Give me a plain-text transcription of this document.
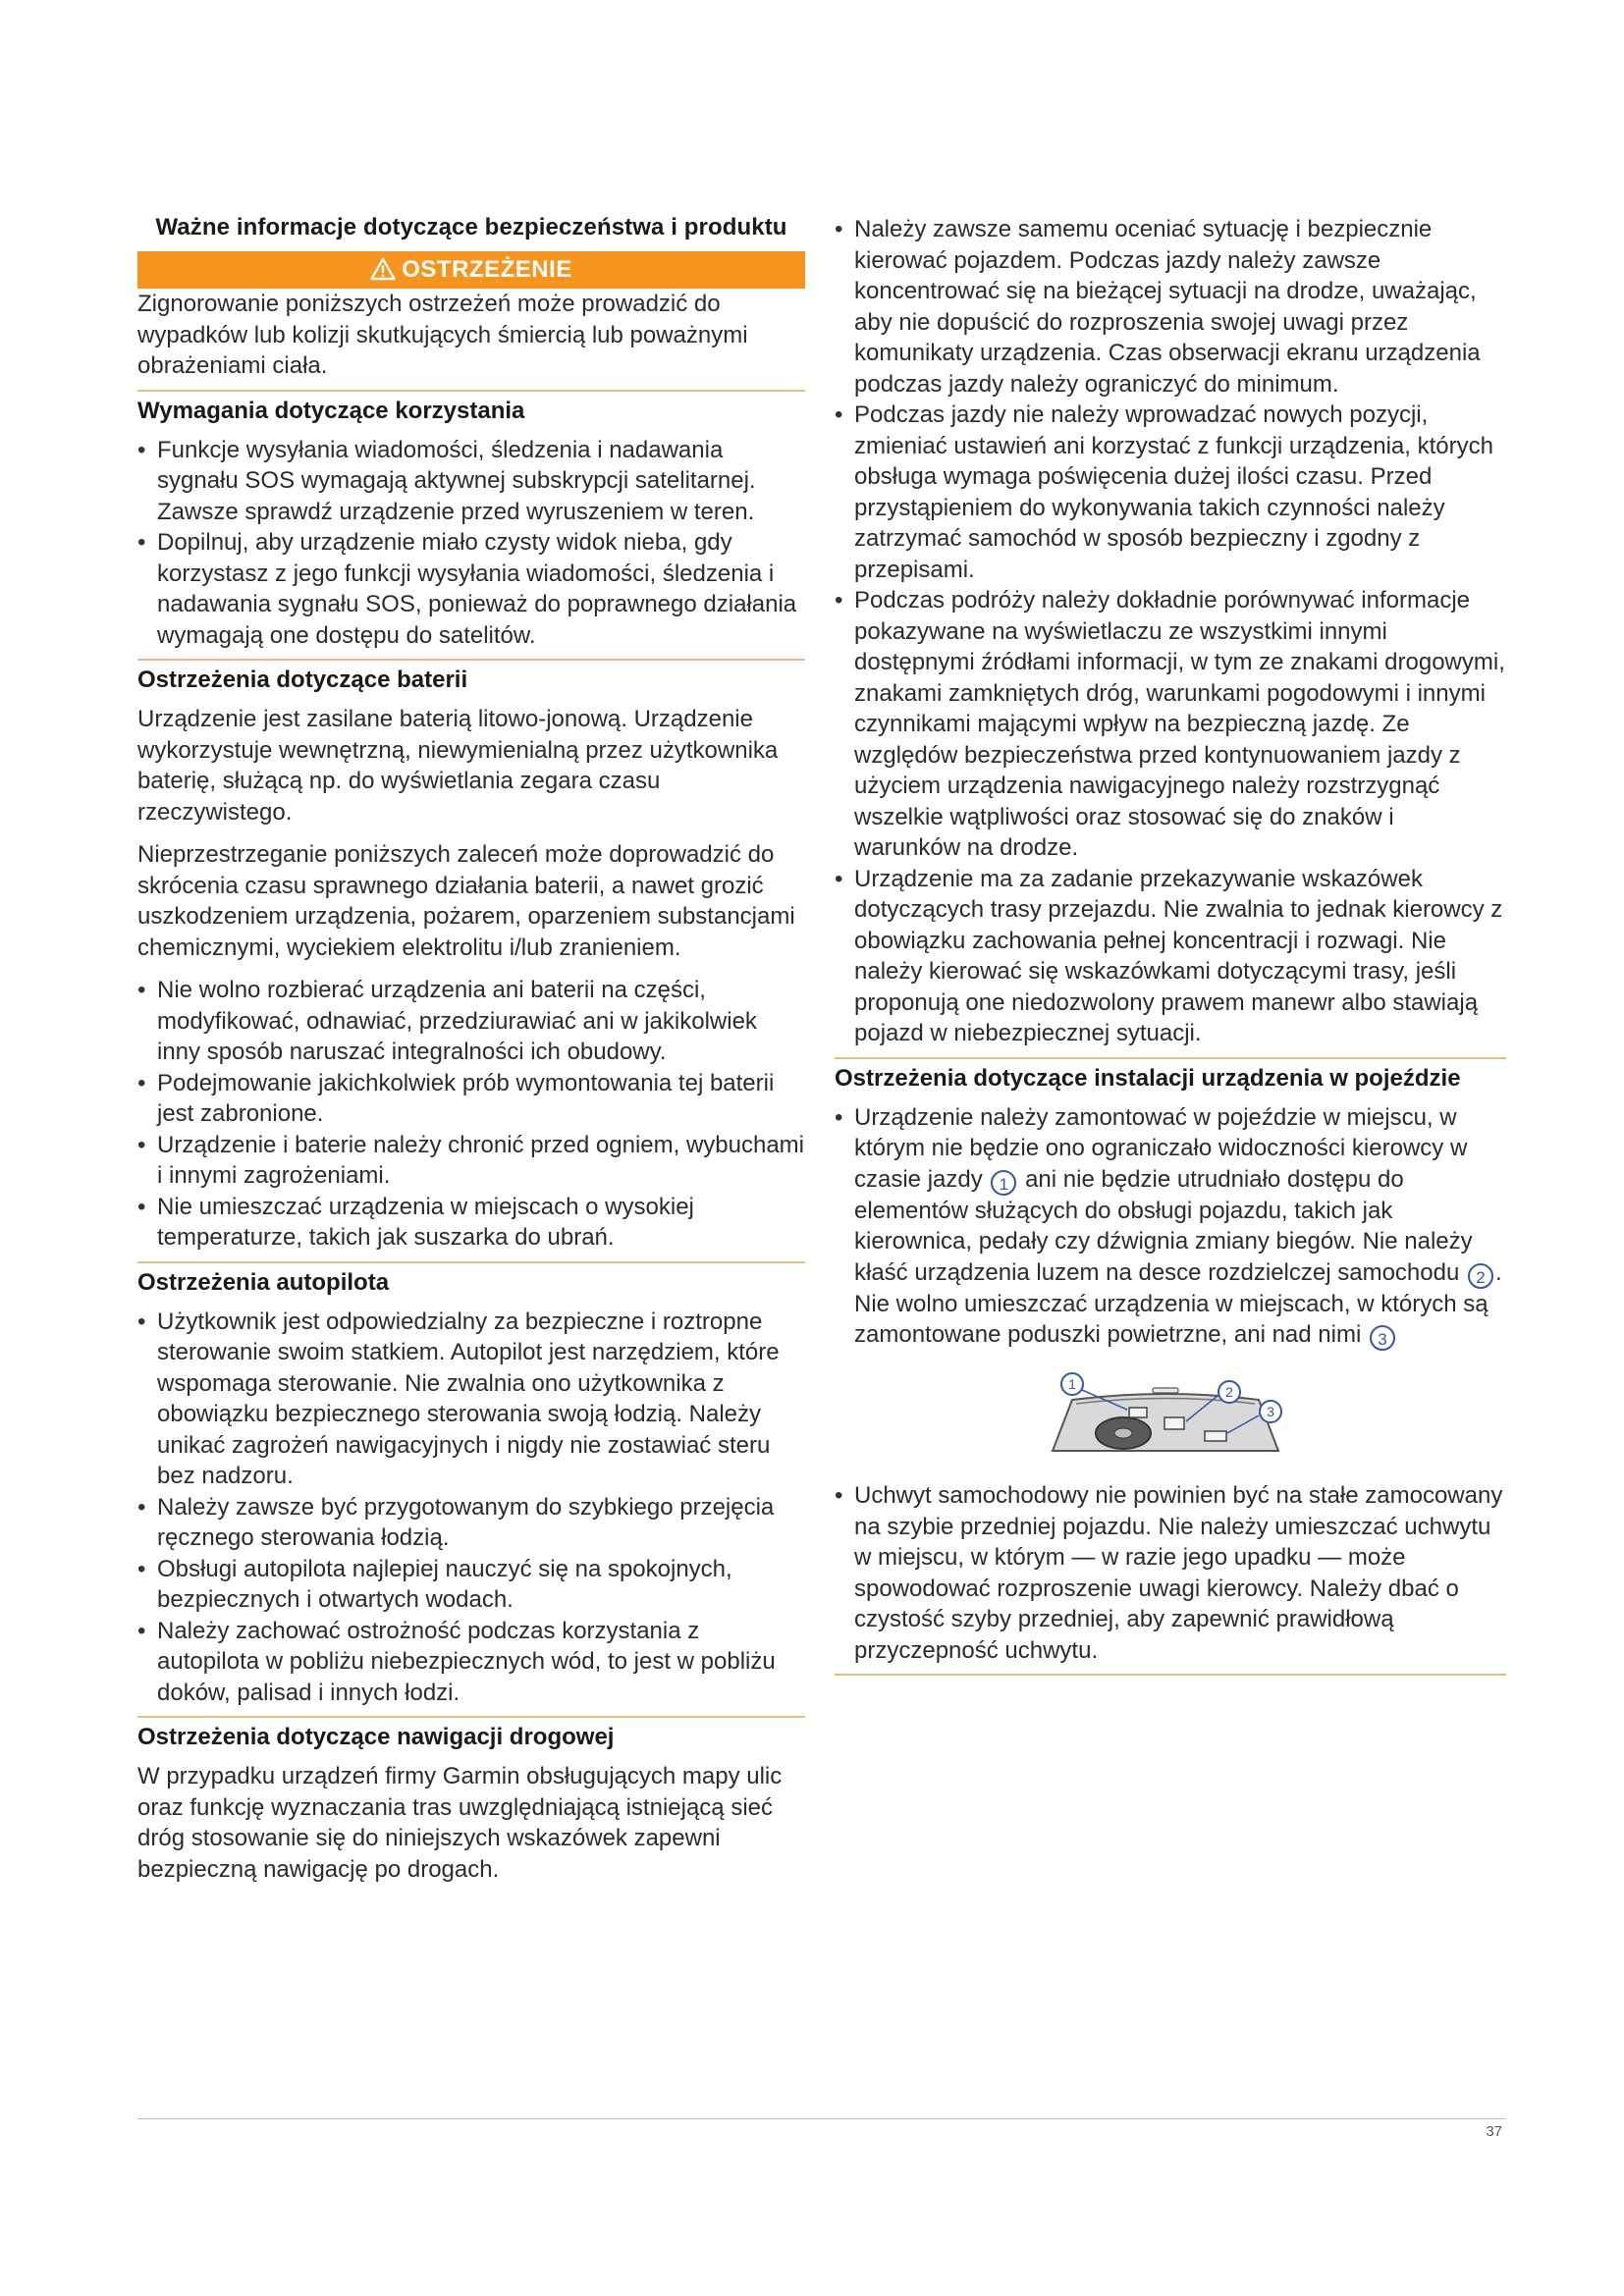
Ważne informacje dotyczące bezpieczeństwa i produktu
OSTRZEŻENIE

Zignorowanie poniższych ostrzeżeń może prowadzić do wypadków lub kolizji skutkujących śmiercią lub poważnymi obrażeniami ciała.

Wymagania dotyczące korzystania
• Funkcje wysyłania wiadomości, śledzenia i nadawania sygnału SOS wymagają aktywnej subskrypcji satelitarnej. Zawsze sprawdź urządzenie przed wyruszeniem w teren.
• Dopilnuj, aby urządzenie miało czysty widok nieba, gdy korzystasz z jego funkcji wysyłania wiadomości, śledzenia i nadawania sygnału SOS, ponieważ do poprawnego działania wymagają one dostępu do satelitów.
Ostrzeżenia dotyczące baterii

Urządzenie jest zasilane baterią litowo-jonową. Urządzenie wykorzystuje wewnętrzną, niewymienialną przez użytkownika baterię, służącą np. do wyświetlania zegara czasu rzeczywistego.

Nieprzestrzeganie poniższych zaleceń może doprowadzić do skrócenia czasu sprawnego działania baterii, a nawet grozić uszkodzeniem urządzenia, pożarem, oparzeniem substancjami chemicznymi, wyciekiem elektrolitu i/lub zranieniem.

• Nie wolno rozbierać urządzenia ani baterii na części, modyfikować, odnawiać, przedziurawiać ani w jakikolwiek inny sposób naruszać integralności ich obudowy.
• Podejmowanie jakichkolwiek prób wymontowania tej baterii jest zabronione.
• Urządzenie i baterie należy chronić przed ogniem, wybuchami i innymi zagrożeniami.
• Nie umieszczać urządzenia w miejscach o wysokiej temperaturze, takich jak suszarka do ubrań.
Ostrzeżenia autopilota
• Użytkownik jest odpowiedzialny za bezpieczne i roztropne sterowanie swoim statkiem. Autopilot jest narzędziem, które wspomaga sterowanie. Nie zwalnia ono użytkownika z obowiązku bezpiecznego sterowania swoją łodzią. Należy unikać zagrożeń nawigacyjnych i nigdy nie zostawiać steru bez nadzoru.
• Należy zawsze być przygotowanym do szybkiego przejęcia ręcznego sterowania łodzią.
• Obsługi autopilota najlepiej nauczyć się na spokojnych, bezpiecznych i otwartych wodach.
• Należy zachować ostrożność podczas korzystania z autopilota w pobliżu niebezpiecznych wód, to jest w pobliżu doków, palisad i innych łodzi.
Ostrzeżenia dotyczące nawigacji drogowej

W przypadku urządzeń firmy Garmin obsługujących mapy ulic oraz funkcję wyznaczania tras uwzględniającą istniejącą sieć dróg stosowanie się do niniejszych wskazówek zapewni bezpieczną nawigację po drogach.

• Należy zawsze samemu oceniać sytuację i bezpiecznie kierować pojazdem. Podczas jazdy należy zawsze koncentrować się na bieżącej sytuacji na drodze, uważając, aby nie dopuścić do rozproszenia swojej uwagi przez komunikaty urządzenia. Czas obserwacji ekranu urządzenia podczas jazdy należy ograniczyć do minimum.
• Podczas jazdy nie należy wprowadzać nowych pozycji, zmieniać ustawień ani korzystać z funkcji urządzenia, których obsługa wymaga poświęcenia dużej ilości czasu. Przed przystąpieniem do wykonywania takich czynności należy zatrzymać samochód w sposób bezpieczny i zgodny z przepisami.
• Podczas podróży należy dokładnie porównywać informacje pokazywane na wyświetlaczu ze wszystkimi innymi dostępnymi źródłami informacji, w tym ze znakami drogowymi, znakami zamkniętych dróg, warunkami pogodowymi i innymi czynnikami mającymi wpływ na bezpieczną jazdę. Ze względów bezpieczeństwa przed kontynuowaniem jazdy z użyciem urządzenia nawigacyjnego należy rozstrzygnąć wszelkie wątpliwości oraz stosować się do znaków i warunków na drodze.
• Urządzenie ma za zadanie przekazywanie wskazówek dotyczących trasy przejazdu. Nie zwalnia to jednak kierowcy z obowiązku zachowania pełnej koncentracji i rozwagi. Nie należy kierować się wskazówkami dotyczącymi trasy, jeśli proponują one niedozwolony prawem manewr albo stawiają pojazd w niebezpiecznej sytuacji.
Ostrzeżenia dotyczące instalacji urządzenia w pojeździe
• Urządzenie należy zamontować w pojeździe w miejscu, w którym nie będzie ono ograniczało widoczności kierowcy w czasie jazdy 1 ani nie będzie utrudniało dostępu do elementów służących do obsługi pojazdu, takich jak kierownica, pedały czy dźwignia zmiany biegów. Nie należy kłaść urządzenia luzem na desce rozdzielczej samochodu 2 . Nie wolno umieszczać urządzenia w miejscach, w których są zamontowane poduszki powietrzne, ani nad nimi 3
1	2
3
• Uchwyt samochodowy nie powinien być na stałe zamocowany na szybie przedniej pojazdu. Nie należy umieszczać uchwytu w miejscu, w którym — w razie jego upadku — może spowodować rozproszenie uwagi kierowcy. Należy dbać o czystość szyby przedniej, aby zapewnić prawidłową przyczepność uchwytu.
37
